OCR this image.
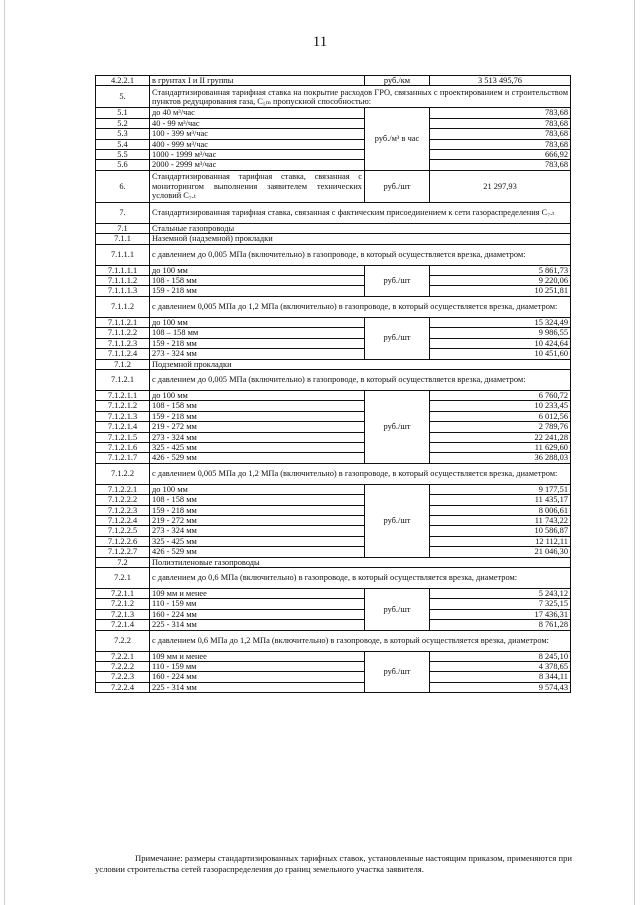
11
4.2.2.1	в грунтах I и II группы	руб./км	3 513 495,76
5.	Стандартизированная тарифная ставка на покрытие расходов ГРО, связанных с проектированием и строительством пунктов редуцирования газа, С₅ₘ пропускной способностью:		
5.1	до 40 м³/час	руб./м³ в час	783,68
5.2	40 - 99 м³/час		783,68
5.3	100 - 399 м³/час		783,68
5.4	400 - 999 м³/час		783,68
5.5	1000 - 1999 м³/час		666,92
5.6	2000 - 2999 м³/час		783,68
6.	Стандартизированная тарифная ставка, связанная с мониторингом выполнения заявителем технических условий С₇.ₜ	руб./шт	21 297,93
7.	Стандартизированная тарифная ставка, связанная с фактическим присоединением к сети газораспределения С₇.ₜ		
7.1	Стальные газопроводы		
7.1.1	Наземной (надземной) прокладки		
7.1.1.1	с давлением до 0,005 МПа (включительно) в газопроводе, в который осуществляется врезка, диаметром:		
7.1.1.1.1	до 100 мм	руб./шт	5 861,73
7.1.1.1.2	108 - 158 мм		9 220,06
7.1.1.1.3	159 - 218 мм		10 251,81
7.1.1.2	с давлением 0,005 МПа до 1,2 МПа (включительно) в газопроводе, в который осуществляется врезка, диаметром:		
7.1.1.2.1	до 100 мм	руб./шт	15 324,49
7.1.1.2.2	108 – 158 мм		9 986,55
7.1.1.2.3	159 - 218 мм		10 424,64
7.1.1.2.4	273 - 324 мм		10 451,60
7.1.2	Подземной прокладки		
7.1.2.1	с давлением до 0,005 МПа (включительно) в газопроводе, в который осуществляется врезка, диаметром:		
7.1.2.1.1	до 100 мм	руб./шт	6 760,72
7.1.2.1.2	108 - 158 мм		10 233,45
7.1.2.1.3	159 - 218 мм		6 012,56
7.1.2.1.4	219 - 272 мм		2 789,76
7.1.2.1.5	273 - 324 мм		22 241,28
7.1.2.1.6	325 - 425 мм		11 629,60
7.1.2.1.7	426 - 529 мм		36 288,03
7.1.2.2	с давлением 0,005 МПа до 1,2 МПа (включительно) в газопроводе, в который осуществляется врезка, диаметром:		
7.1.2.2.1	до 100 мм	руб./шт	9 177,51
7.1.2.2.2	108 - 158 мм		11 435,17
7.1.2.2.3	159 - 218 мм		8 006,61
7.1.2.2.4	219 - 272 мм		11 743,22
7.1.2.2.5	273 - 324 мм		10 586,87
7.1.2.2.6	325 - 425 мм		12 112,11
7.1.2.2.7	426 - 529 мм		21 046,30
7.2	Полиэтиленовые газопроводы		
7.2.1	с давлением до 0,6 МПа (включительно) в газопроводе, в который осуществляется врезка, диаметром:		
7.2.1.1	109 мм и менее	руб./шт	5 243,12
7.2.1.2	110 - 159 мм		7 325,15
7.2.1.3	160 - 224 мм		17 436,31
7.2.1.4	225 - 314 мм		8 761,28
7.2.2	с давлением 0,6 МПа до 1,2 МПа (включительно) в газопроводе, в который осуществляется врезка, диаметром:		
7.2.2.1	109 мм и менее	руб./шт	8 245,10
7.2.2.2	110 - 159 мм		4 378,65
7.2.2.3	160 - 224 мм		8 344,11
7.2.2.4	225 - 314 мм		9 574,43

Примечание: размеры стандартизированных тарифных ставок, установленные настоящим приказом, применяются при условии строительства сетей газораспределения до границ земельного участка заявителя.
